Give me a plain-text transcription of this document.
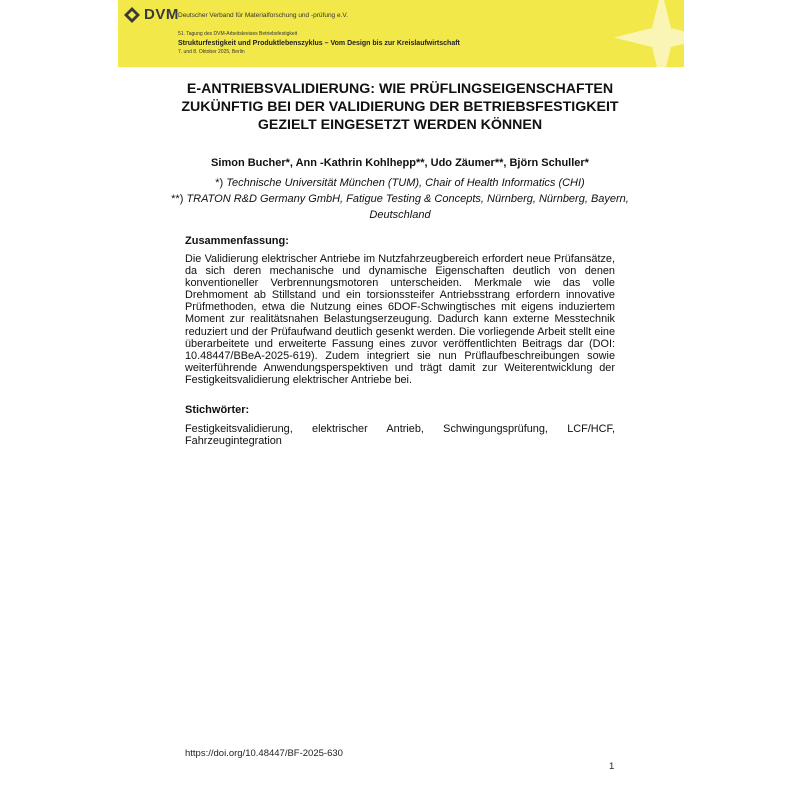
DVM Deutscher Verband für Materialforschung und -prüfung e.V.
51. Tagung des DVM-Arbeitskreises Betriebsfestigkeit
Strukturfestigkeit und Produktlebenszyklus – Vom Design bis zur Kreislaufwirtschaft
7. und 8. Oktober 2025, Berlin
E-ANTRIEBSVALIDIERUNG: WIE PRÜFLINGSEIGENSCHAFTEN ZUKÜNFTIG BEI DER VALIDIERUNG DER BETRIEBSFESTIGKEIT GEZIELT EINGESETZT WERDEN KÖNNEN
Simon Bucher*, Ann -Kathrin Kohlhepp**, Udo Zäumer**, Björn Schuller*

*) Technische Universität München (TUM), Chair of Health Informatics (CHI)

**) TRATON R&D Germany GmbH, Fatigue Testing & Concepts, Nürnberg, Nürnberg, Bayern, Deutschland

Zusammenfassung:

Die Validierung elektrischer Antriebe im Nutzfahrzeugbereich erfordert neue Prüfansätze, da sich deren mechanische und dynamische Eigenschaften deutlich von denen konventioneller Verbrennungsmotoren unterscheiden. Merkmale wie das volle Drehmoment ab Stillstand und ein torsionssteifer Antriebsstrang erfordern innovative Prüfmethoden, etwa die Nutzung eines 6DOF-Schwingtisches mit eigens induziertem Moment zur realitätsnahen Belastungserzeugung. Dadurch kann externe Messtechnik reduziert und der Prüfaufwand deutlich gesenkt werden. Die vorliegende Arbeit stellt eine überarbeitete und erweiterte Fassung eines zuvor veröffentlichten Beitrags dar (DOI: 10.48447/BBeA-2025-619). Zudem integriert sie nun Prüflaufbeschreibungen sowie weiterführende Anwendungsperspektiven und trägt damit zur Weiterentwicklung der Festigkeitsvalidierung elektrischer Antriebe bei.

Stichwörter:

Festigkeitsvalidierung, elektrischer Antrieb, Schwingungsprüfung, LCF/HCF, Fahrzeugintegration

https://doi.org/10.48447/BF-2025-630
1
